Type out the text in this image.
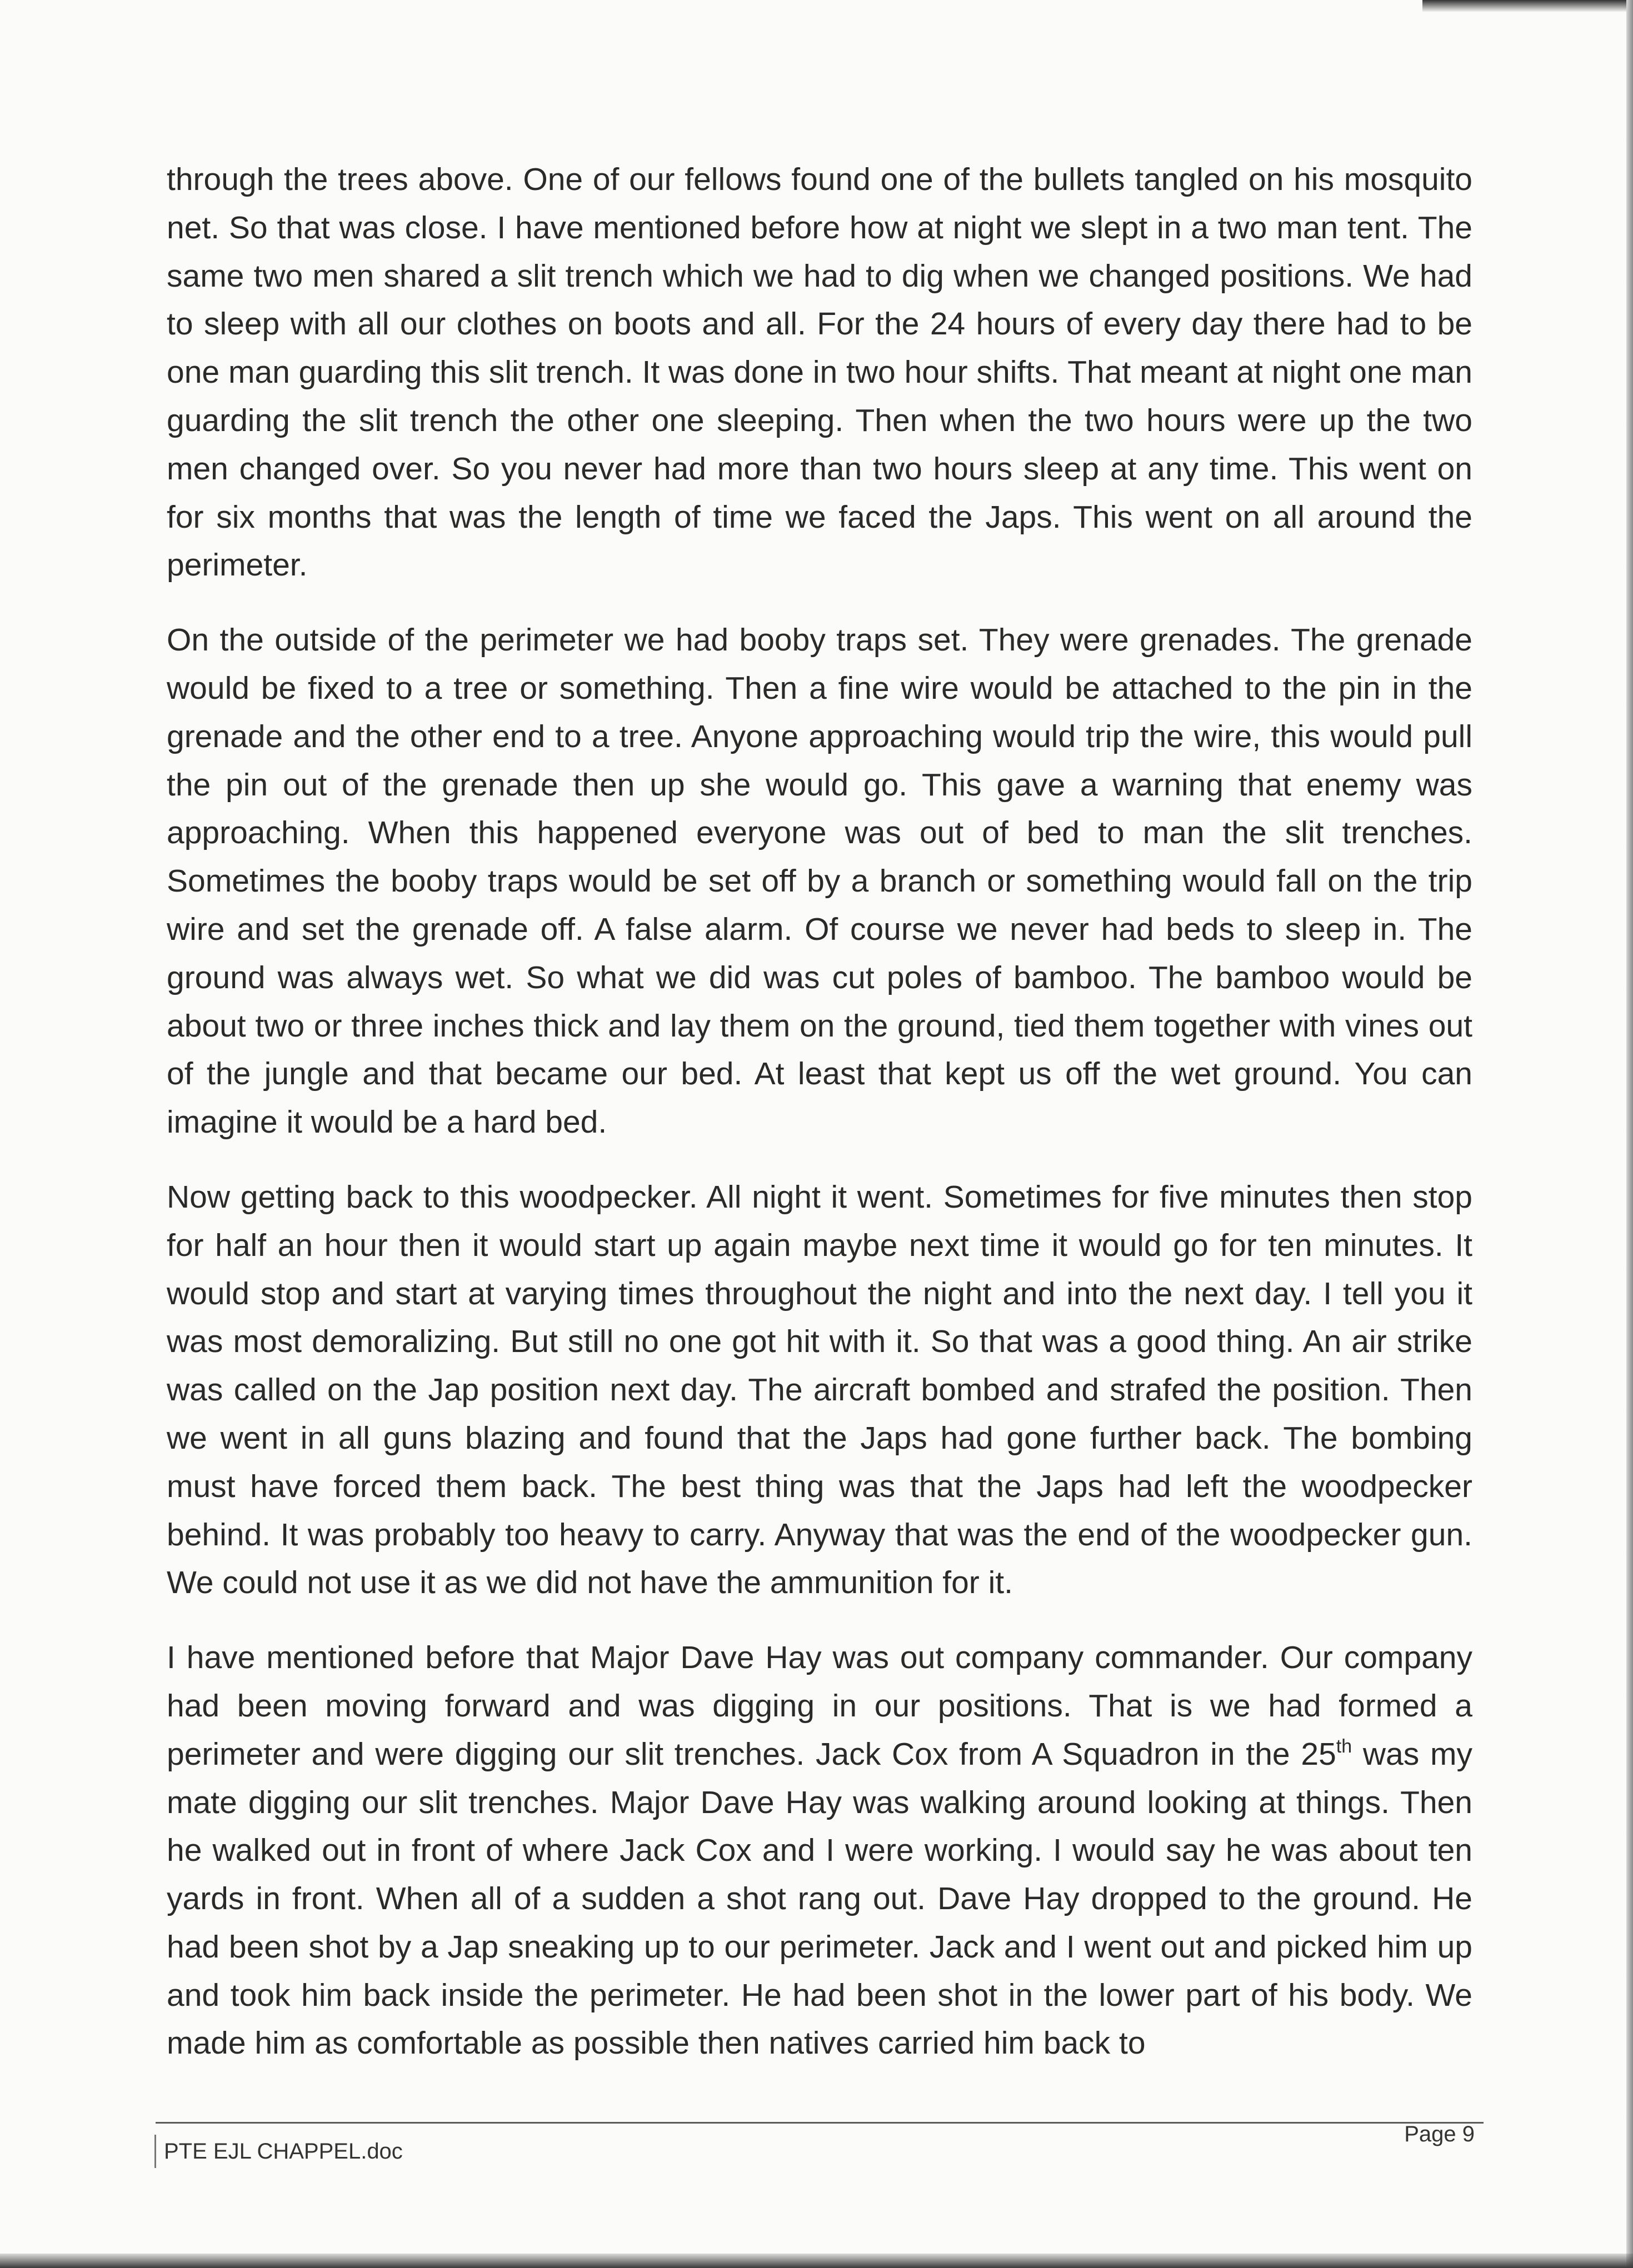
through the trees above. One of our fellows found one of the bullets tangled on his mosquito net. So that was close. I have mentioned before how at night we slept in a two man tent. The same two men shared a slit trench which we had to dig when we changed positions. We had to sleep with all our clothes on boots and all. For the 24 hours of every day there had to be one man guarding this slit trench. It was done in two hour shifts. That meant at night one man guarding the slit trench the other one sleeping. Then when the two hours were up the two men changed over. So you never had more than two hours sleep at any time. This went on for six months that was the length of time we faced the Japs. This went on all around the perimeter.

On the outside of the perimeter we had booby traps set. They were grenades. The grenade would be fixed to a tree or something. Then a fine wire would be attached to the pin in the grenade and the other end to a tree. Anyone approaching would trip the wire, this would pull the pin out of the grenade then up she would go. This gave a warning that enemy was approaching. When this happened everyone was out of bed to man the slit trenches. Sometimes the booby traps would be set off by a branch or something would fall on the trip wire and set the grenade off. A false alarm. Of course we never had beds to sleep in. The ground was always wet. So what we did was cut poles of bamboo. The bamboo would be about two or three inches thick and lay them on the ground, tied them together with vines out of the jungle and that became our bed. At least that kept us off the wet ground. You can imagine it would be a hard bed.

Now getting back to this woodpecker. All night it went. Sometimes for five minutes then stop for half an hour then it would start up again maybe next time it would go for ten minutes. It would stop and start at varying times throughout the night and into the next day. I tell you it was most demoralizing. But still no one got hit with it. So that was a good thing. An air strike was called on the Jap position next day. The aircraft bombed and strafed the position. Then we went in all guns blazing and found that the Japs had gone further back. The bombing must have forced them back. The best thing was that the Japs had left the woodpecker behind. It was probably too heavy to carry. Anyway that was the end of the woodpecker gun. We could not use it as we did not have the ammunition for it.

I have mentioned before that Major Dave Hay was out company commander. Our company had been moving forward and was digging in our positions. That is we had formed a perimeter and were digging our slit trenches. Jack Cox from A Squadron in the 25th was my mate digging our slit trenches. Major Dave Hay was walking around looking at things. Then he walked out in front of where Jack Cox and I were working. I would say he was about ten yards in front. When all of a sudden a shot rang out. Dave Hay dropped to the ground. He had been shot by a Jap sneaking up to our perimeter. Jack and I went out and picked him up and took him back inside the perimeter. He had been shot in the lower part of his body. We made him as comfortable as possible then natives carried him back to

PTE EJL CHAPPEL.doc
Page 9
